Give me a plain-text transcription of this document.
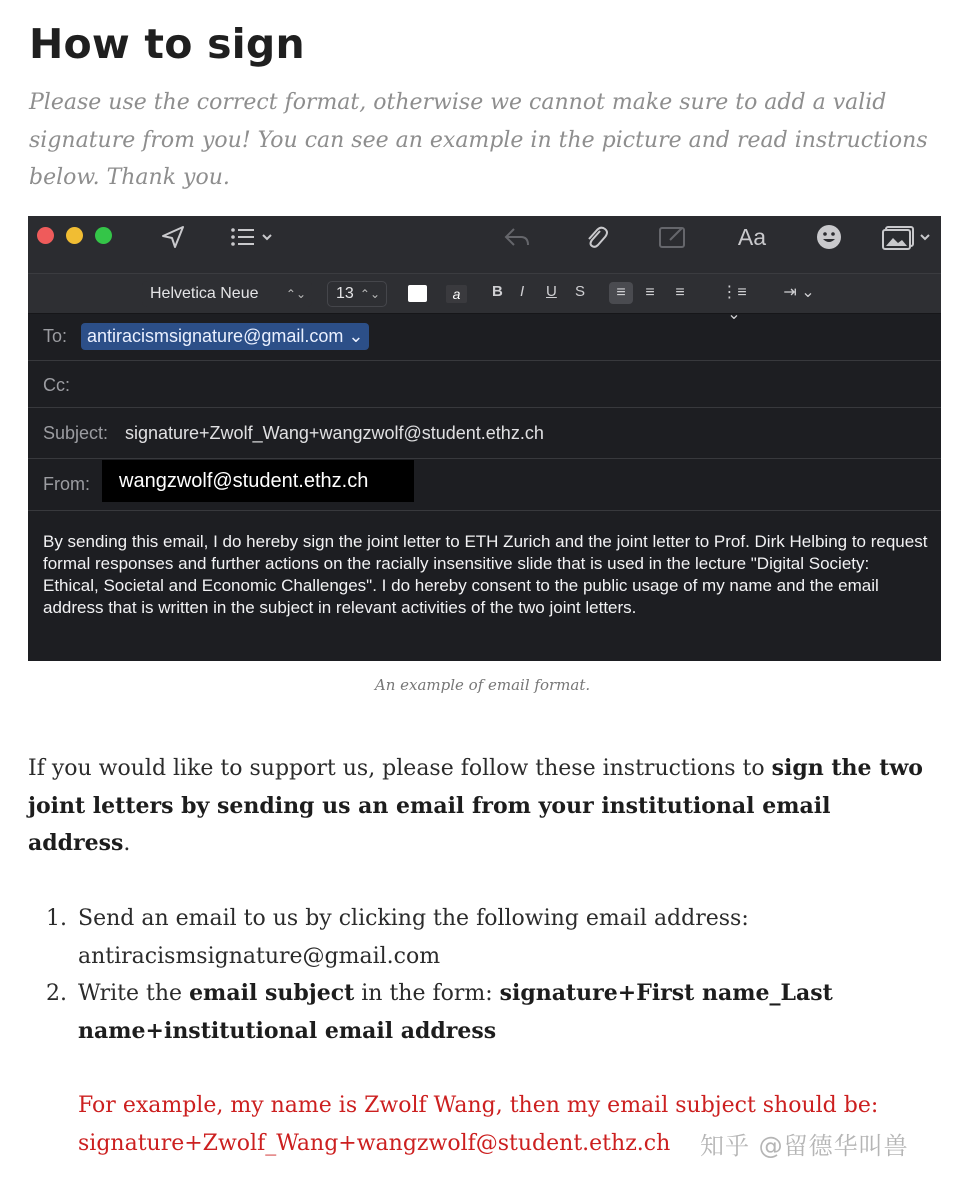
How to sign

Please use the correct format, otherwise we cannot make sure to add a valid signature from you! You can see an example in the picture and read instructions below. Thank you.

Aa
Helvetica Neue ⌃⌄	13 ⌃⌄	a	B I U S	≡	≡	≡	⋮≡ ⌄
⇥ ⌄
To:	antiracismsignature@gmail.com ⌄
Cc:
Subject: signature+Zwolf_Wang+wangzwolf@student.ethz.ch
From:	wangzwolf@student.ethz.ch
By sending this email, I do hereby sign the joint letter to ETH Zurich and the joint letter to Prof. Dirk Helbing to request formal responses and further actions on the racially insensitive slide that is used in the lecture "Digital Society: Ethical, Societal and Economic Challenges". I do hereby consent to the public usage of my name and the email address that is written in the subject in relevant activities of the two joint letters.

An example of email format.

If you would like to support us, please follow these instructions to sign the two joint letters by sending us an email from your institutional email address.

1. Send an email to us by clicking the following email address:
antiracismsignature@gmail.com
2. Write the email subject in the form: signature+First name_Last name+institutional email address
For example, my name is Zwolf Wang, then my email subject should be:
signature+Zwolf_Wang+wangzwolf@student.ethz.ch	知乎 @留德华叫兽
